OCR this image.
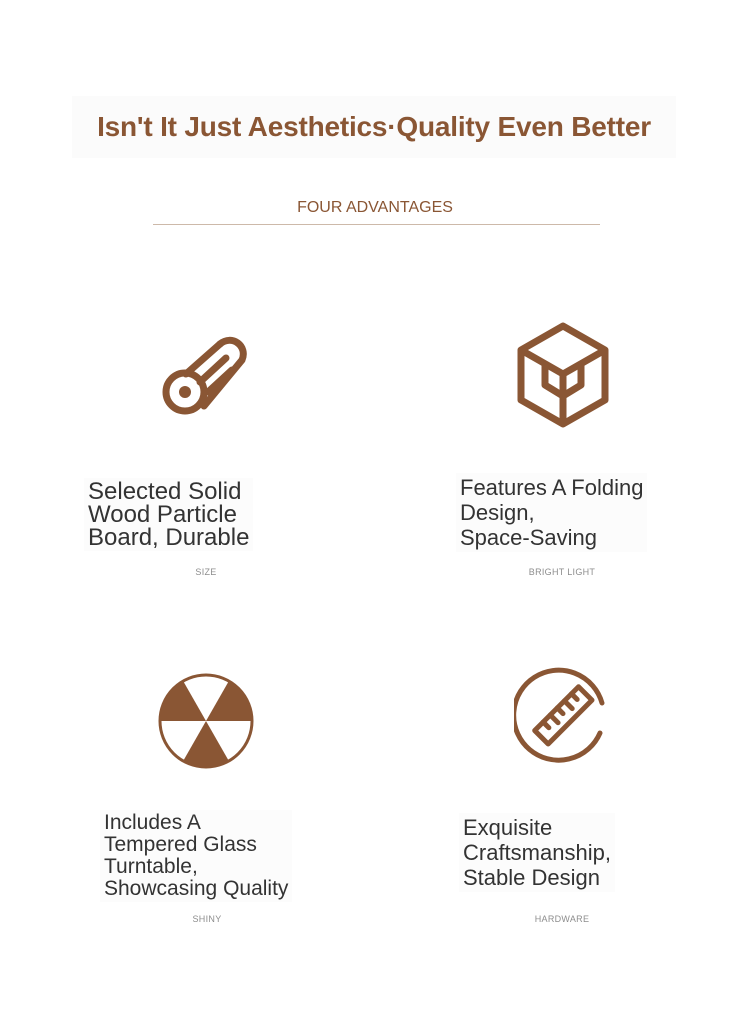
Isn't It Just Aesthetics·Quality Even Better
FOUR ADVANTAGES
Selected Solid
Wood Particle
Board, Durable
SIZE
Features A Folding
Design,
Space-Saving
BRIGHT LIGHT
Includes A
Tempered Glass
Turntable,
Showcasing Quality
SHINY
Exquisite
Craftsmanship,
Stable Design
HARDWARE
